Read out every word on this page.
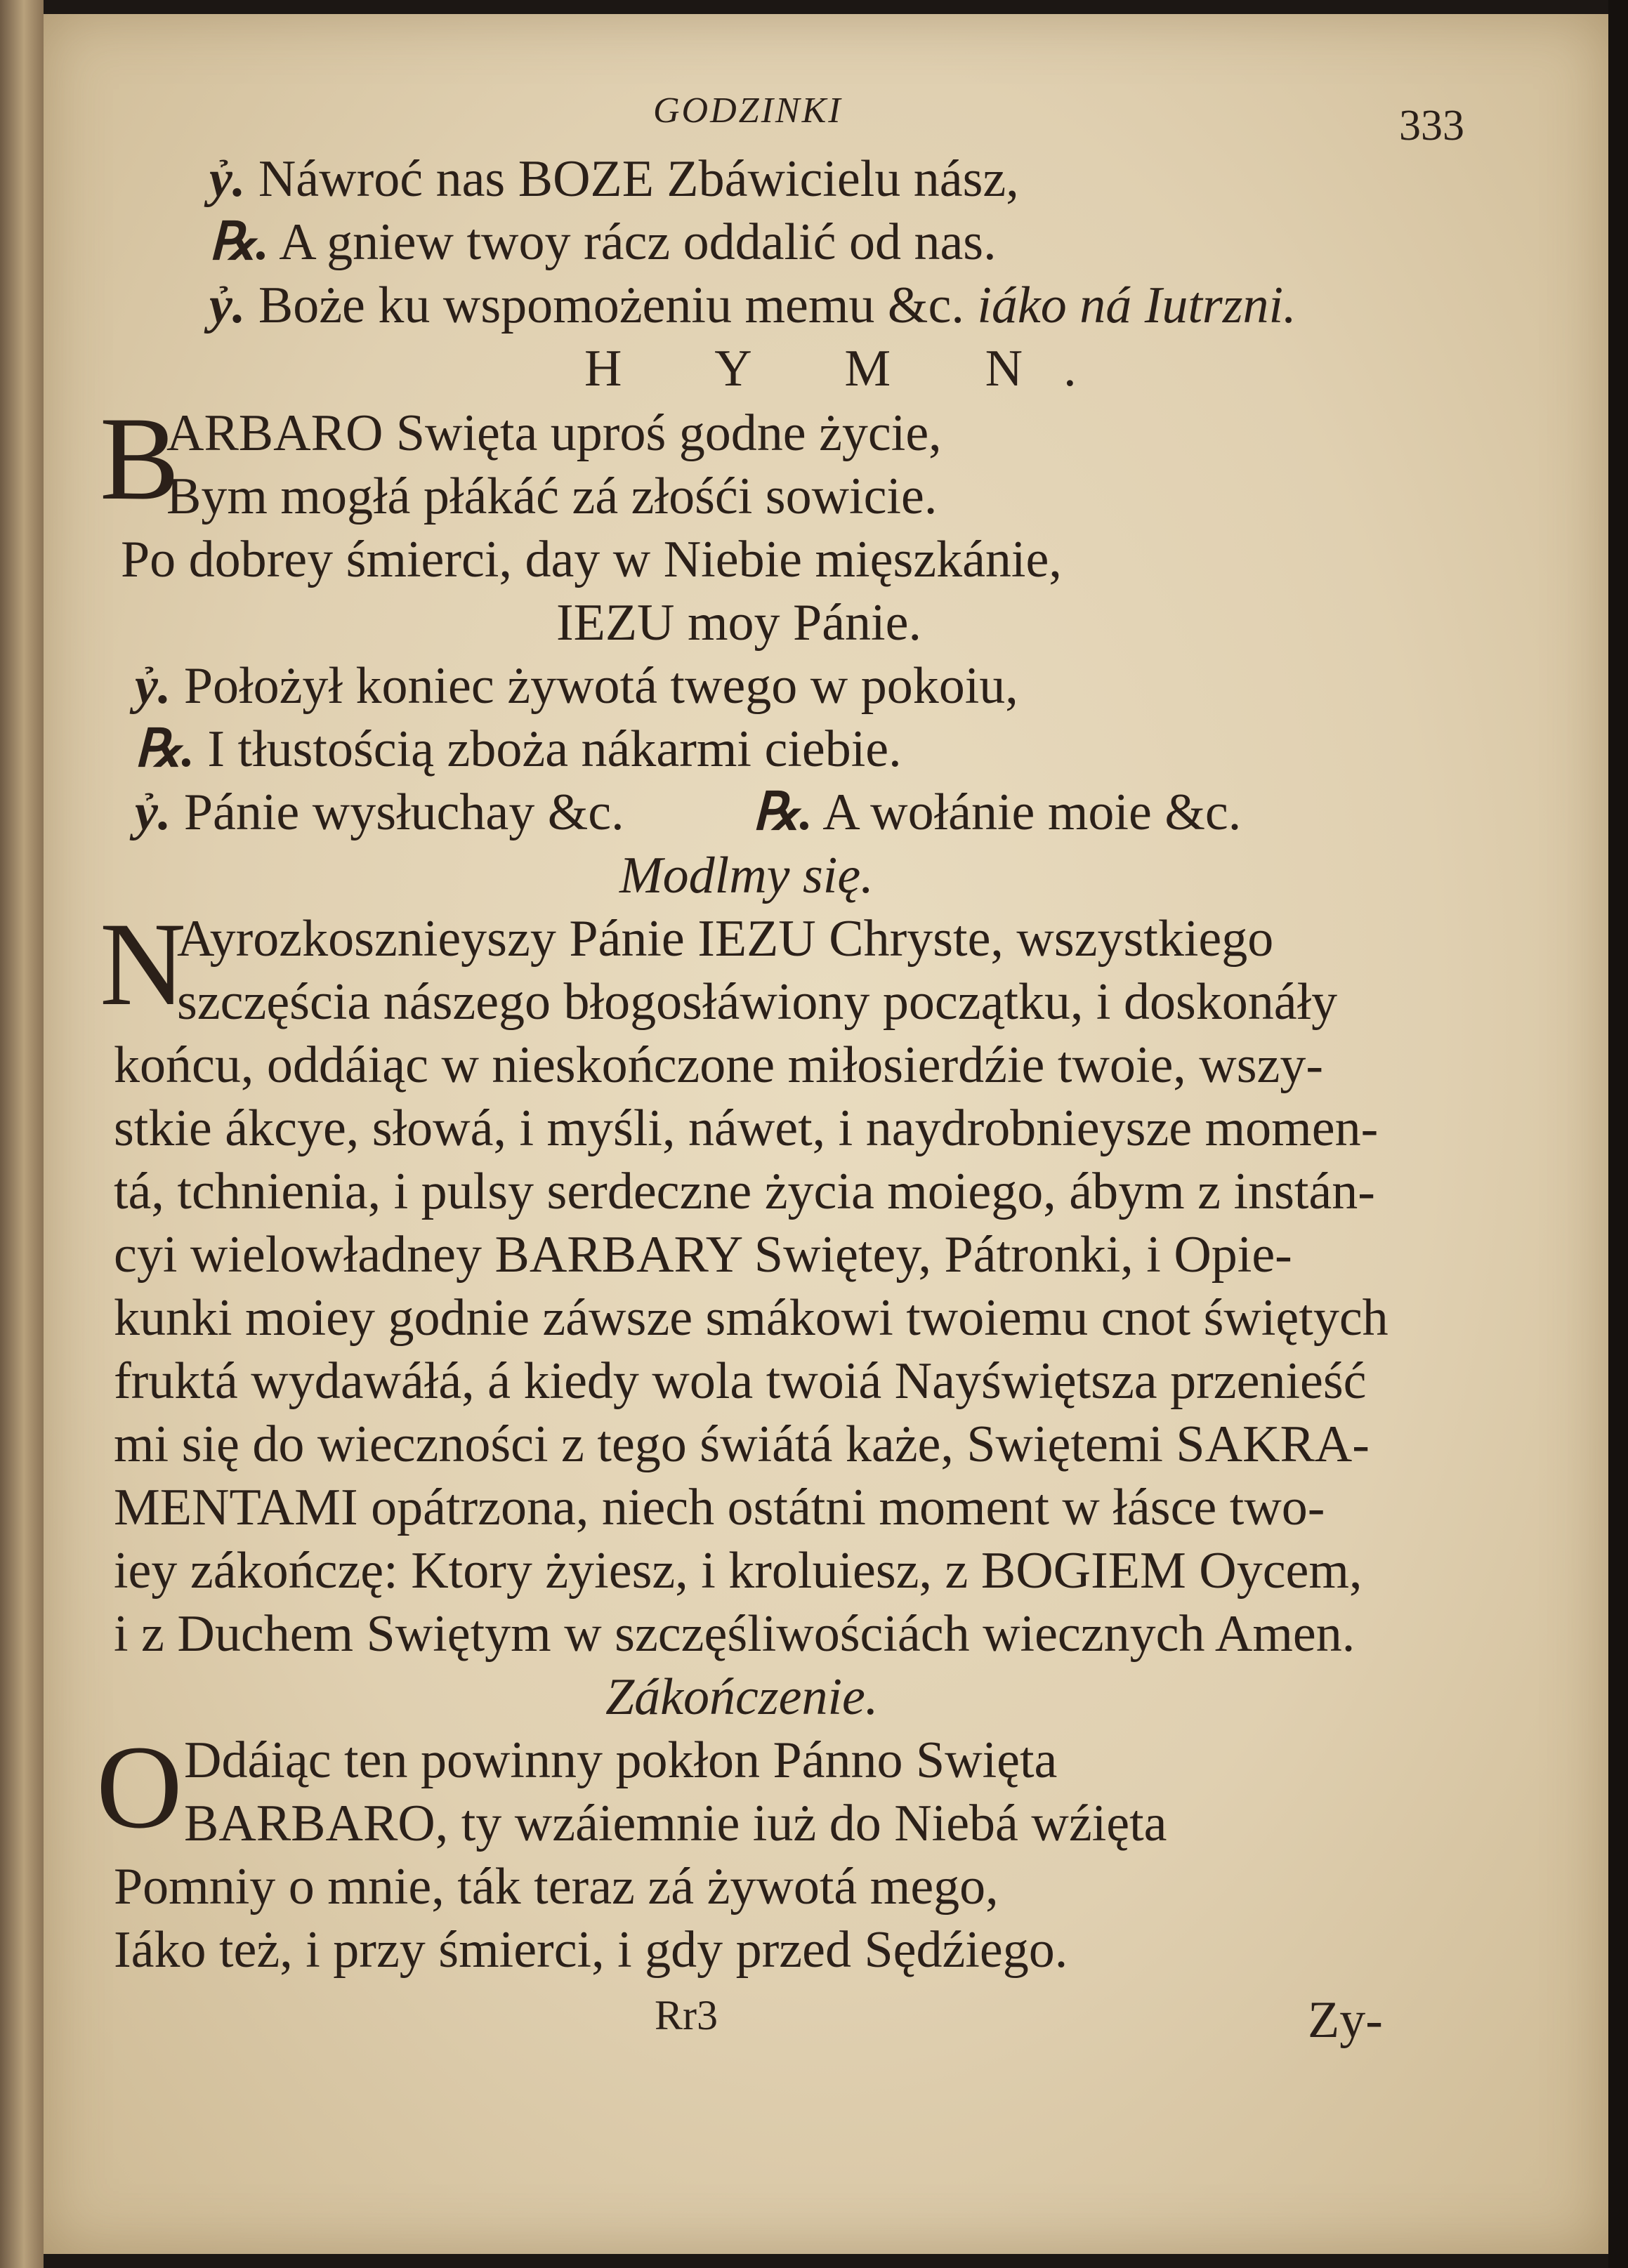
GODZINKI	333
ỷ. Náwroć nas BOZE Zbáwicielu nász,
℞. A gniew twoy rácz oddalić od nas.
ỷ. Boże ku wspomożeniu memu &c. iáko ná Iutrzni.
H Y M N.
B
ARBARO Swięta uproś godne życie,
Bym mogłá płákáć zá złośći sowicie.
Po dobrey śmierci, day w Niebie mięszkánie,
IEZU moy Pánie.
ỷ. Położył koniec żywotá twego w pokoiu,
℞. I tłustością zboża nákarmi ciebie.
ỷ. Pánie wysłuchay &c. ℞. A wołánie moie &c.
Modlmy się.
N
Ayrozkosznieyszy Pánie IEZU Chryste, wszystkiego
szczęścia nászego błogosłáwiony początku, i doskonáły
końcu, oddáiąc w nieskończone miłosierdźie twoie, wszy-
stkie ákcye, słowá, i myśli, náwet, i naydrobnieysze momen-
tá, tchnienia, i pulsy serdeczne życia moiego, ábym z instán-
cyi wielowładney BARBARY Swiętey, Pátronki, i Opie-
kunki moiey godnie záwsze smákowi twoiemu cnot świętych
fruktá wydawáłá, á kiedy wola twoiá Nayświętsza przenieść
mi się do wieczności z tego świátá każe, Swiętemi SAKRA-
MENTAMI opátrzona, niech ostátni moment w łásce two-
iey zákończę: Ktory żyiesz, i kroluiesz, z BOGIEM Oycem,
i z Duchem Swiętym w szczęśliwościách wiecznych Amen.
Zákończenie.
O Ddáiąc ten powinny pokłon Pánno Swięta
BARBARO, ty wzáiemnie iuż do Niebá wźięta
Pomniy o mnie, ták teraz zá żywotá mego,
Iáko też, i przy śmierci, i gdy przed Sędźiego.
Rr3	Zy-
